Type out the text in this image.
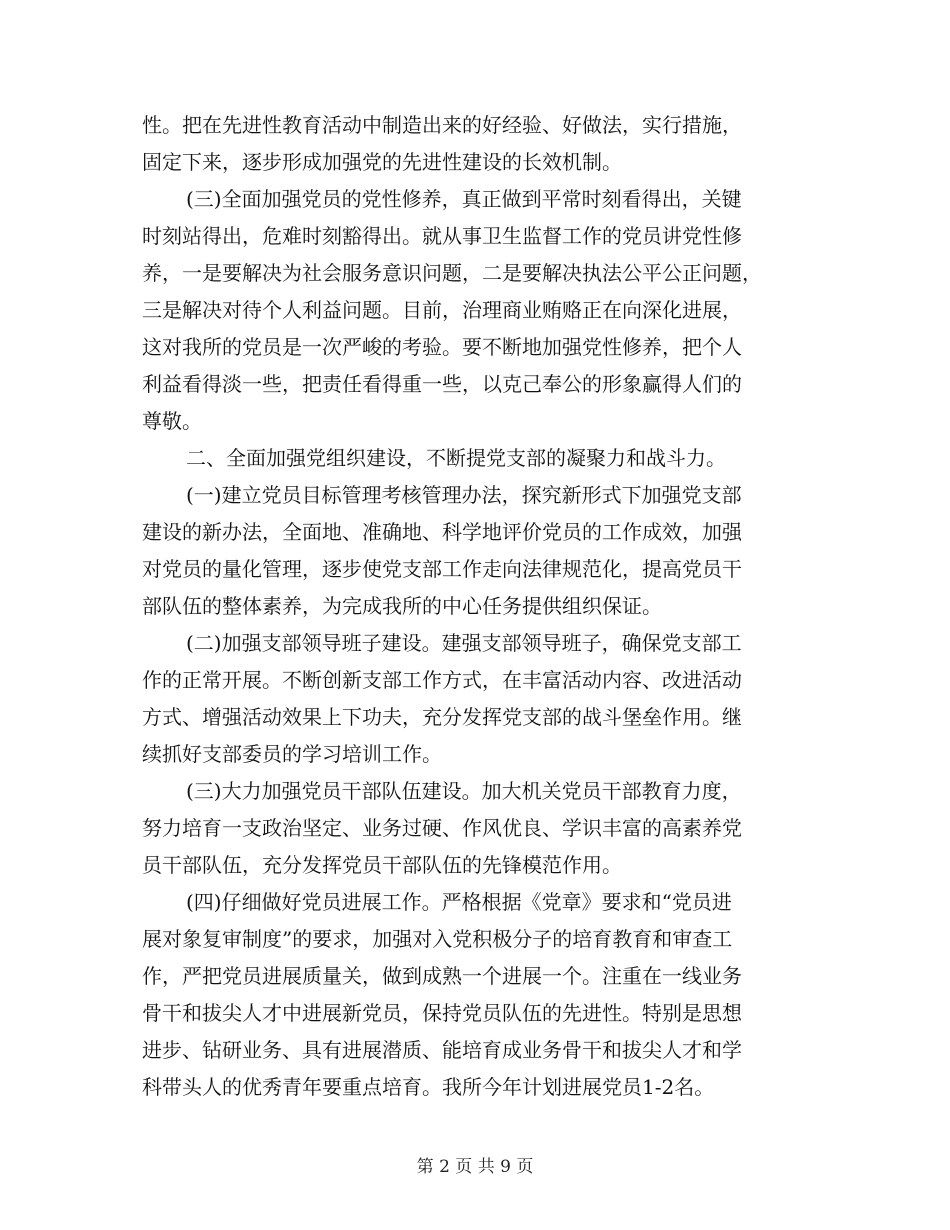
性。把在先进性教育活动中制造出来的好经验、好做法，实行措施，
固定下来，逐步形成加强党的先进性建设的长效机制。
(三)全面加强党员的党性修养，真正做到平常时刻看得出，关键
时刻站得出，危难时刻豁得出。就从事卫生监督工作的党员讲党性修
养，一是要解决为社会服务意识问题，二是要解决执法公平公正问题，
三是解决对待个人利益问题。目前，治理商业贿赂正在向深化进展，
这对我所的党员是一次严峻的考验。要不断地加强党性修养，把个人
利益看得淡一些，把责任看得重一些，以克己奉公的形象赢得人们的
尊敬。
二、全面加强党组织建设，不断提党支部的凝聚力和战斗力。
(一)建立党员目标管理考核管理办法，探究新形式下加强党支部
建设的新办法，全面地、准确地、科学地评价党员的工作成效，加强
对党员的量化管理，逐步使党支部工作走向法律规范化，提高党员干
部队伍的整体素养，为完成我所的中心任务提供组织保证。
(二)加强支部领导班子建设。建强支部领导班子，确保党支部工
作的正常开展。不断创新支部工作方式，在丰富活动内容、改进活动
方式、增强活动效果上下功夫，充分发挥党支部的战斗堡垒作用。继
续抓好支部委员的学习培训工作。
(三)大力加强党员干部队伍建设。加大机关党员干部教育力度，
努力培育一支政治坚定、业务过硬、作风优良、学识丰富的高素养党
员干部队伍，充分发挥党员干部队伍的先锋模范作用。
(四)仔细做好党员进展工作。严格根据《党章》要求和“党员进
展对象复审制度”的要求，加强对入党积极分子的培育教育和审查工
作，严把党员进展质量关，做到成熟一个进展一个。注重在一线业务
骨干和拔尖人才中进展新党员，保持党员队伍的先进性。特别是思想
进步、钻研业务、具有进展潜质、能培育成业务骨干和拔尖人才和学
科带头人的优秀青年要重点培育。我所今年计划进展党员1-2名。
第 2 页 共 9 页
